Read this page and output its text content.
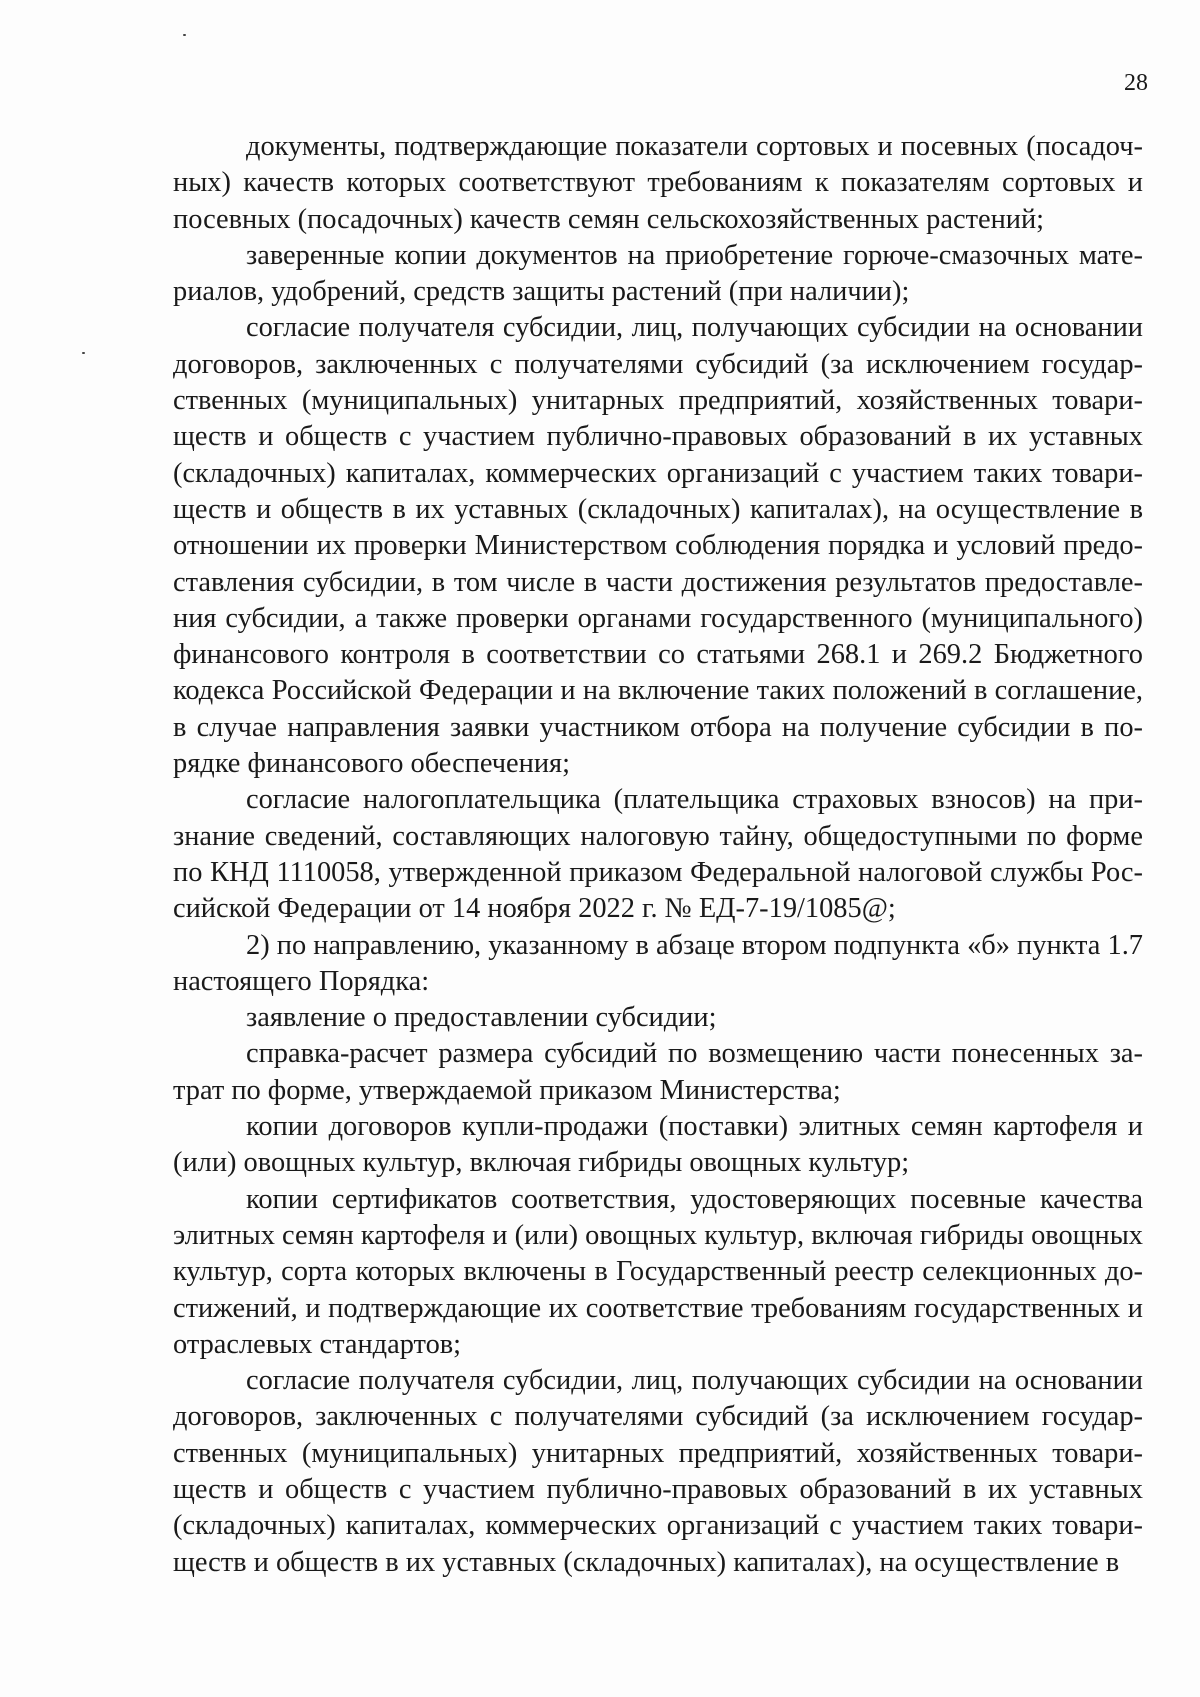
28

документы, подтверждающие показатели сортовых и посевных (посадочных) качеств которых соответствуют требованиям к показателям сортовых и посевных (посадочных) качеств семян сельскохозяйственных растений;

заверенные копии документов на приобретение горюче-смазочных материалов, удобрений, средств защиты растений (при наличии);

согласие получателя субсидии, лиц, получающих субсидии на основании договоров, заключенных с получателями субсидий (за исключением государственных (муниципальных) унитарных предприятий, хозяйственных товариществ и обществ с участием публично-правовых образований в их уставных (складочных) капиталах, коммерческих организаций с участием таких товариществ и обществ в их уставных (складочных) капиталах), на осуществление в отношении их проверки Министерством соблюдения порядка и условий предоставления субсидии, в том числе в части достижения результатов предоставления субсидии, а также проверки органами государственного (муниципального) финансового контроля в соответствии со статьями 268.1 и 269.2 Бюджетного кодекса Российской Федерации и на включение таких положений в соглашение, в случае направления заявки участником отбора на получение субсидии в порядке финансового обеспечения;

согласие налогоплательщика (плательщика страховых взносов) на признание сведений, составляющих налоговую тайну, общедоступными по форме по КНД 1110058, утвержденной приказом Федеральной налоговой службы Российской Федерации от 14 ноября 2022 г. № ЕД-7-19/1085@;

2) по направлению, указанному в абзаце втором подпункта «б» пункта 1.7 настоящего Порядка:

заявление о предоставлении субсидии;

справка-расчет размера субсидий по возмещению части понесенных затрат по форме, утверждаемой приказом Министерства;

копии договоров купли-продажи (поставки) элитных семян картофеля и (или) овощных культур, включая гибриды овощных культур;

копии сертификатов соответствия, удостоверяющих посевные качества элитных семян картофеля и (или) овощных культур, включая гибриды овощных культур, сорта которых включены в Государственный реестр селекционных достижений, и подтверждающие их соответствие требованиям государственных и отраслевых стандартов;

согласие получателя субсидии, лиц, получающих субсидии на основании договоров, заключенных с получателями субсидий (за исключением государственных (муниципальных) унитарных предприятий, хозяйственных товариществ и обществ с участием публично-правовых образований в их уставных (складочных) капиталах, коммерческих организаций с участием таких товариществ и обществ в их уставных (складочных) капиталах), на осуществление в
